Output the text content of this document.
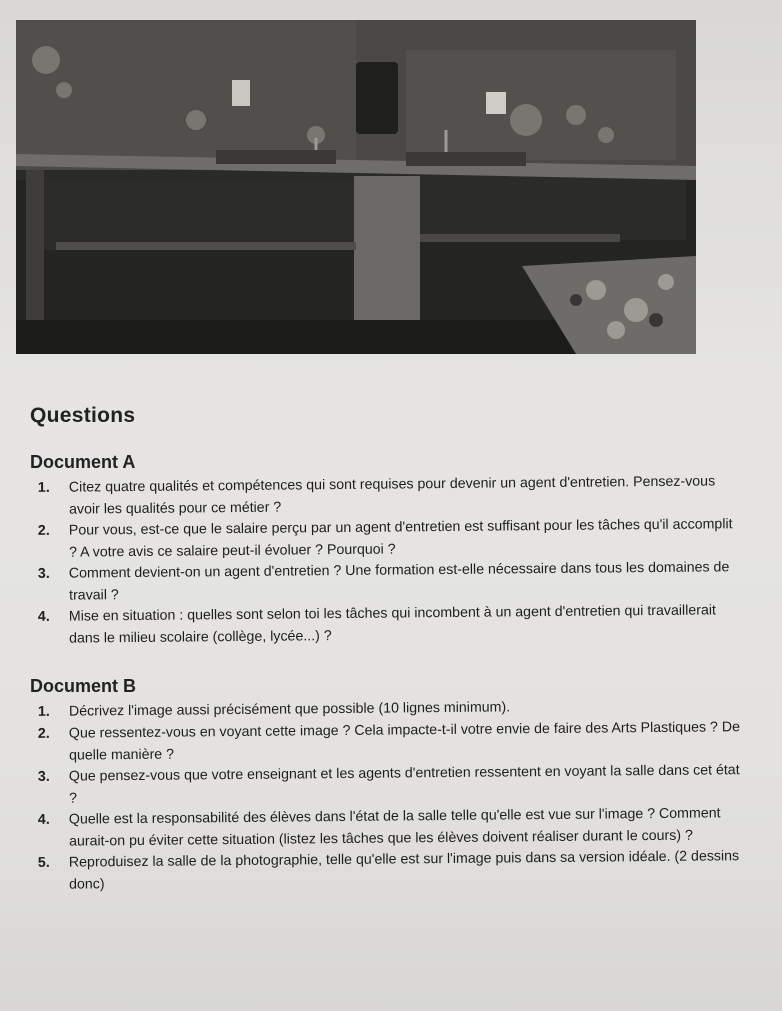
Questions
Document A
1. Citez quatre qualités et compétences qui sont requises pour devenir un agent d'entretien. Pensez-vous avoir les qualités pour ce métier ?
2. Pour vous, est-ce que le salaire perçu par un agent d'entretien est suffisant pour les tâches qu'il accomplit ? A votre avis ce salaire peut-il évoluer ? Pourquoi ?
3. Comment devient-on un agent d'entretien ? Une formation est-elle nécessaire dans tous les domaines de travail ?
4. Mise en situation : quelles sont selon toi les tâches qui incombent à un agent d'entretien qui travaillerait dans le milieu scolaire (collège, lycée...) ?
Document B
1. Décrivez l'image aussi précisément que possible (10 lignes minimum).
2. Que ressentez-vous en voyant cette image ? Cela impacte-t-il votre envie de faire des Arts Plastiques ? De quelle manière ?
3. Que pensez-vous que votre enseignant et les agents d'entretien ressentent en voyant la salle dans cet état ?
4. Quelle est la responsabilité des élèves dans l'état de la salle telle qu'elle est vue sur l'image ? Comment aurait-on pu éviter cette situation (listez les tâches que les élèves doivent réaliser durant le cours) ?
5. Reproduisez la salle de la photographie, telle qu'elle est sur l'image puis dans sa version idéale. (2 dessins donc)
